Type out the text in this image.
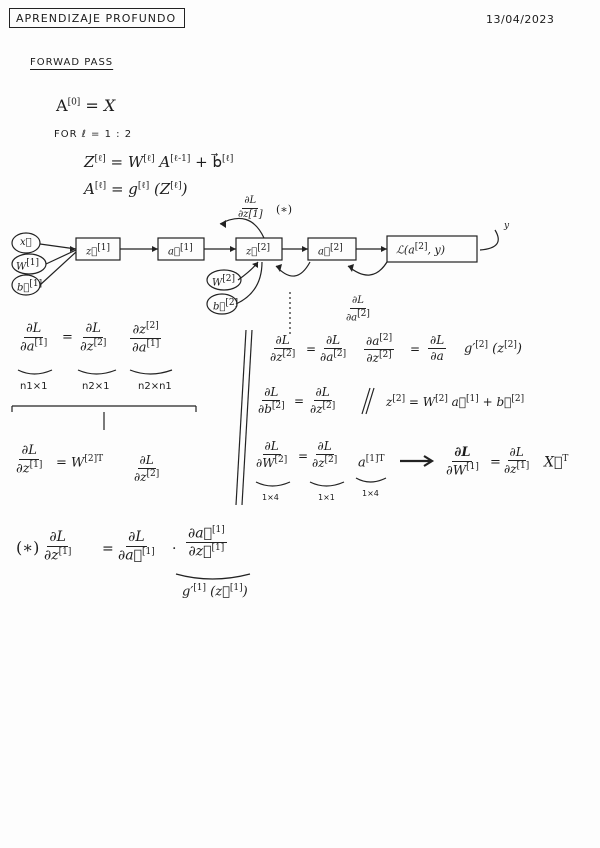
APRENDIZAJE PROFUNDO	13/04/2023
FORWAD PASS
A[0] = X
FOR ℓ = 1 : 2
Z[ℓ] = W[ℓ] A[ℓ-1] + b⃗[ℓ]
A[ℓ] = g[ℓ] (Z[ℓ])
$\frac{\partial L}{\partial z[1]}$ (∗)
x⃗
W[1]
b⃗[1]
z⃗[1]	a⃗[1]	z⃗[2]	a⃗[2]	ℒ(a[2], y)
W[2]
b⃗[2]
y
$\frac{\partial L}{\partial a[2]}$
$\frac{\partial L}{\partial a^{[1]}} = \frac{\partial L}{\partial z^{[2]}} \frac{\partial z^{[2]}}{\partial a^{[1]}}$
n1×1	n2×1	n2×n1
$\frac{\partial L}{\partial z^{[1]}} = W^{[2]T} \frac{\partial L}{\partial z^{[2]}}$
$\frac{\partial L}{\partial z^{[2]}} = \frac{\partial L}{\partial a^{[2]}} \frac{\partial a^{[2]}}{\partial z^{[2]}} = \frac{\partial L}{\partial a} g'[2]$ (z[2])
$\frac{\partial L}{\partial b^{[2]}} = \frac{\partial L}{\partial z^{[2]}}$	z[2] = W[2] a⃗[1] + b⃗[2]
$\frac{\partial L}{\partial W^{[2]}} = \frac{\partial L}{\partial z^{[2]}} a^{[1]T}$
1×4	1×1	1×4
$\frac{\partial L}{\partial W^{[1]}} = \frac{\partial L}{\partial z^{[1]}}$ X⃗$^T$
(∗) $\frac{\partial L}{\partial z^{[1]}} = \frac{\partial L}{\partial a⃗^{[1]}} \cdot \frac{\partial a⃗^{[1]}}{\partial z⃗^{[1]}}$
g′[1] (z⃗[1])
